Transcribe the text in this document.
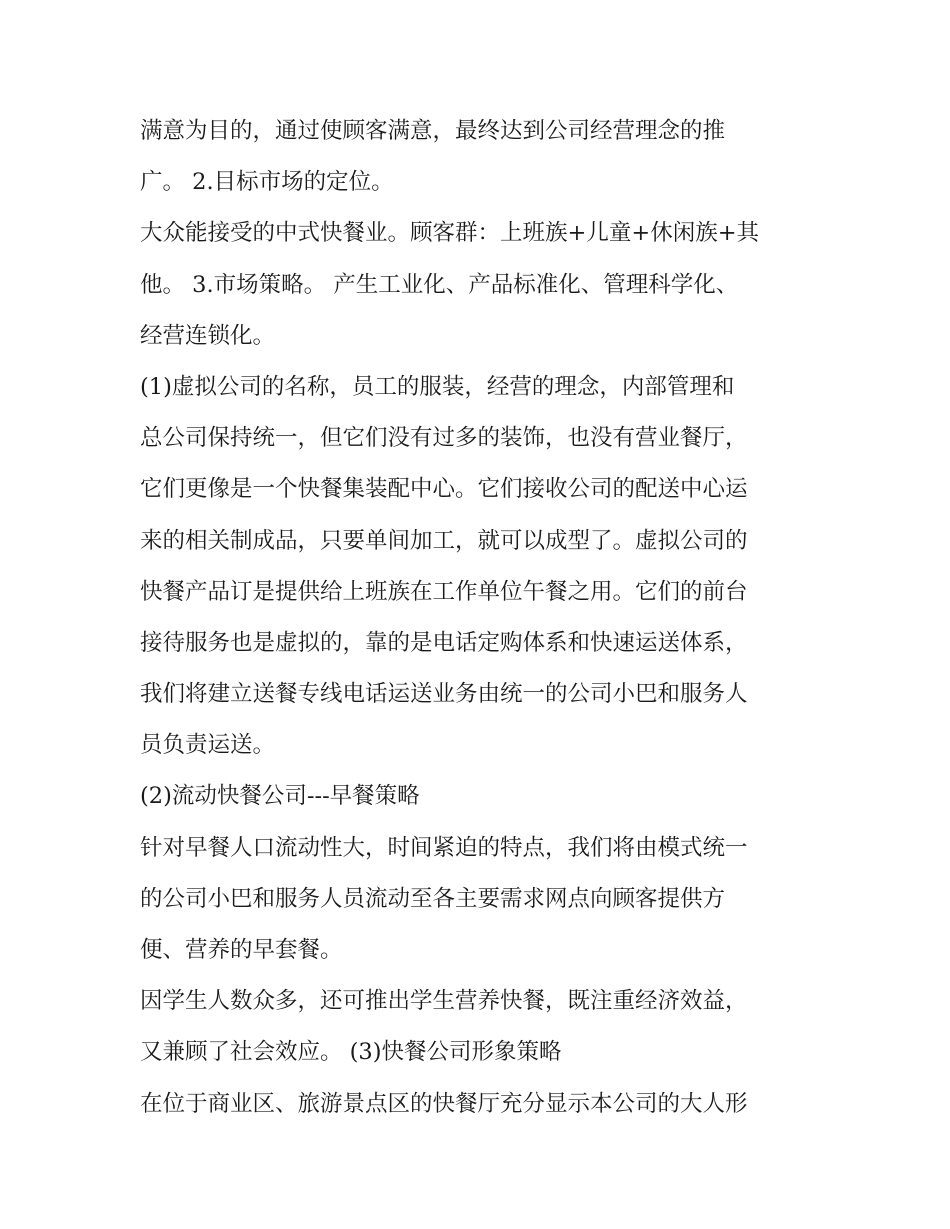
满意为目的，通过使顾客满意，最终达到公司经营理念的推
广。 2.目标市场的定位。

大众能接受的中式快餐业。顾客群：上班族+儿童+休闲族+其
他。 3.市场策略。 产生工业化、产品标准化、管理科学化、
经营连锁化。

(1)虚拟公司的名称，员工的服装，经营的理念，内部管理和
总公司保持统一，但它们没有过多的装饰，也没有营业餐厅，
它们更像是一个快餐集装配中心。它们接收公司的配送中心运
来的相关制成品，只要单间加工，就可以成型了。虚拟公司的
快餐产品订是提供给上班族在工作单位午餐之用。它们的前台
接待服务也是虚拟的，靠的是电话定购体系和快速运送体系，
我们将建立送餐专线电话运送业务由统一的公司小巴和服务人
员负责运送。

(2)流动快餐公司---早餐策略

针对早餐人口流动性大，时间紧迫的特点，我们将由模式统一
的公司小巴和服务人员流动至各主要需求网点向顾客提供方
便、营养的早套餐。

因学生人数众多，还可推出学生营养快餐，既注重经济效益，
又兼顾了社会效应。 (3)快餐公司形象策略

在位于商业区、旅游景点区的快餐厅充分显示本公司的大人形
